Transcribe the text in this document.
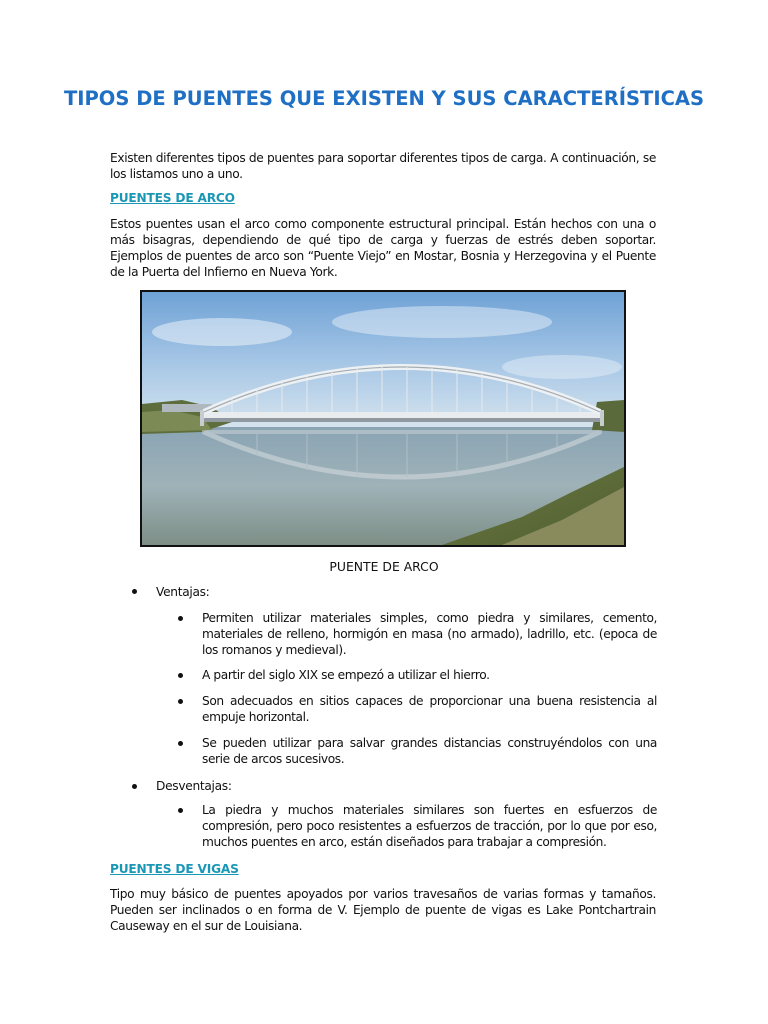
TIPOS DE PUENTES QUE EXISTEN Y SUS CARACTERÍSTICAS

Existen diferentes tipos de puentes para soportar diferentes tipos de carga. A continuación, se los listamos uno a uno.

PUENTES DE ARCO

Estos puentes usan el arco como componente estructural principal. Están hechos con una o más bisagras, dependiendo de qué tipo de carga y fuerzas de estrés deben soportar. Ejemplos de puentes de arco son “Puente Viejo” en Mostar, Bosnia y Herzegovina y el Puente de la Puerta del Infierno en Nueva York.

PUENTE DE ARCO

Ventajas:

Permiten utilizar materiales simples, como piedra y similares, cemento, materiales de relleno, hormigón en masa (no armado), ladrillo, etc. (epoca de los romanos y medieval).

A partir del siglo XIX se empezó a utilizar el hierro.

Son adecuados en sitios capaces de proporcionar una buena resistencia al empuje horizontal.

Se pueden utilizar para salvar grandes distancias construyéndolos con una serie de arcos sucesivos.

Desventajas:

La piedra y muchos materiales similares son fuertes en esfuerzos de compresión, pero poco resistentes a esfuerzos de tracción, por lo que por eso, muchos puentes en arco, están diseñados para trabajar a compresión.

PUENTES DE VIGAS

Tipo muy básico de puentes apoyados por varios travesaños de varias formas y tamaños. Pueden ser inclinados o en forma de V. Ejemplo de puente de vigas es Lake Pontchartrain Causeway en el sur de Louisiana.
